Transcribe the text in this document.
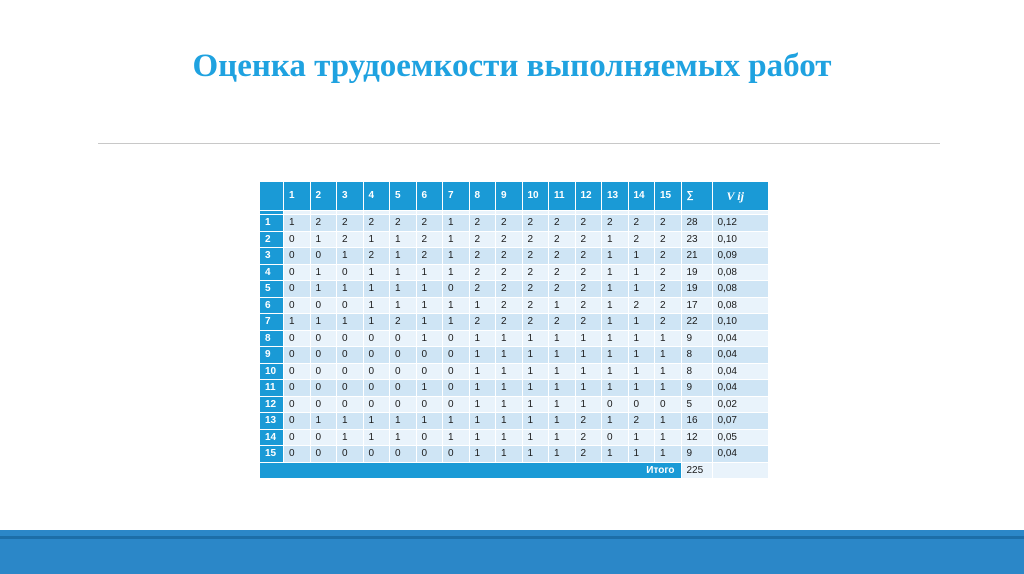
Оценка трудоемкости выполняемых работ
	1	2	3	4	5	6	7	8	9	10	11	12	13	14	15	∑	V ij

1	1	2	2	2	2	2	1	2	2	2	2	2	2	2	2	28	0,12
2	0	1	2	1	1	2	1	2	2	2	2	2	1	2	2	23	0,10
3	0	0	1	2	1	2	1	2	2	2	2	2	1	1	2	21	0,09
4	0	1	0	1	1	1	1	2	2	2	2	2	1	1	2	19	0,08
5	0	1	1	1	1	1	0	2	2	2	2	2	1	1	2	19	0,08
6	0	0	0	1	1	1	1	1	2	2	1	2	1	2	2	17	0,08
7	1	1	1	1	2	1	1	2	2	2	2	2	1	1	2	22	0,10
8	0	0	0	0	0	1	0	1	1	1	1	1	1	1	1	9	0,04
9	0	0	0	0	0	0	0	1	1	1	1	1	1	1	1	8	0,04
10	0	0	0	0	0	0	0	1	1	1	1	1	1	1	1	8	0,04
11	0	0	0	0	0	1	0	1	1	1	1	1	1	1	1	9	0,04
12	0	0	0	0	0	0	0	1	1	1	1	1	0	0	0	5	0,02
13	0	1	1	1	1	1	1	1	1	1	1	2	1	2	1	16	0,07
14	0	0	1	1	1	0	1	1	1	1	1	2	0	1	1	12	0,05
15	0	0	0	0	0	0	0	1	1	1	1	2	1	1	1	9	0,04
Итого																225	
